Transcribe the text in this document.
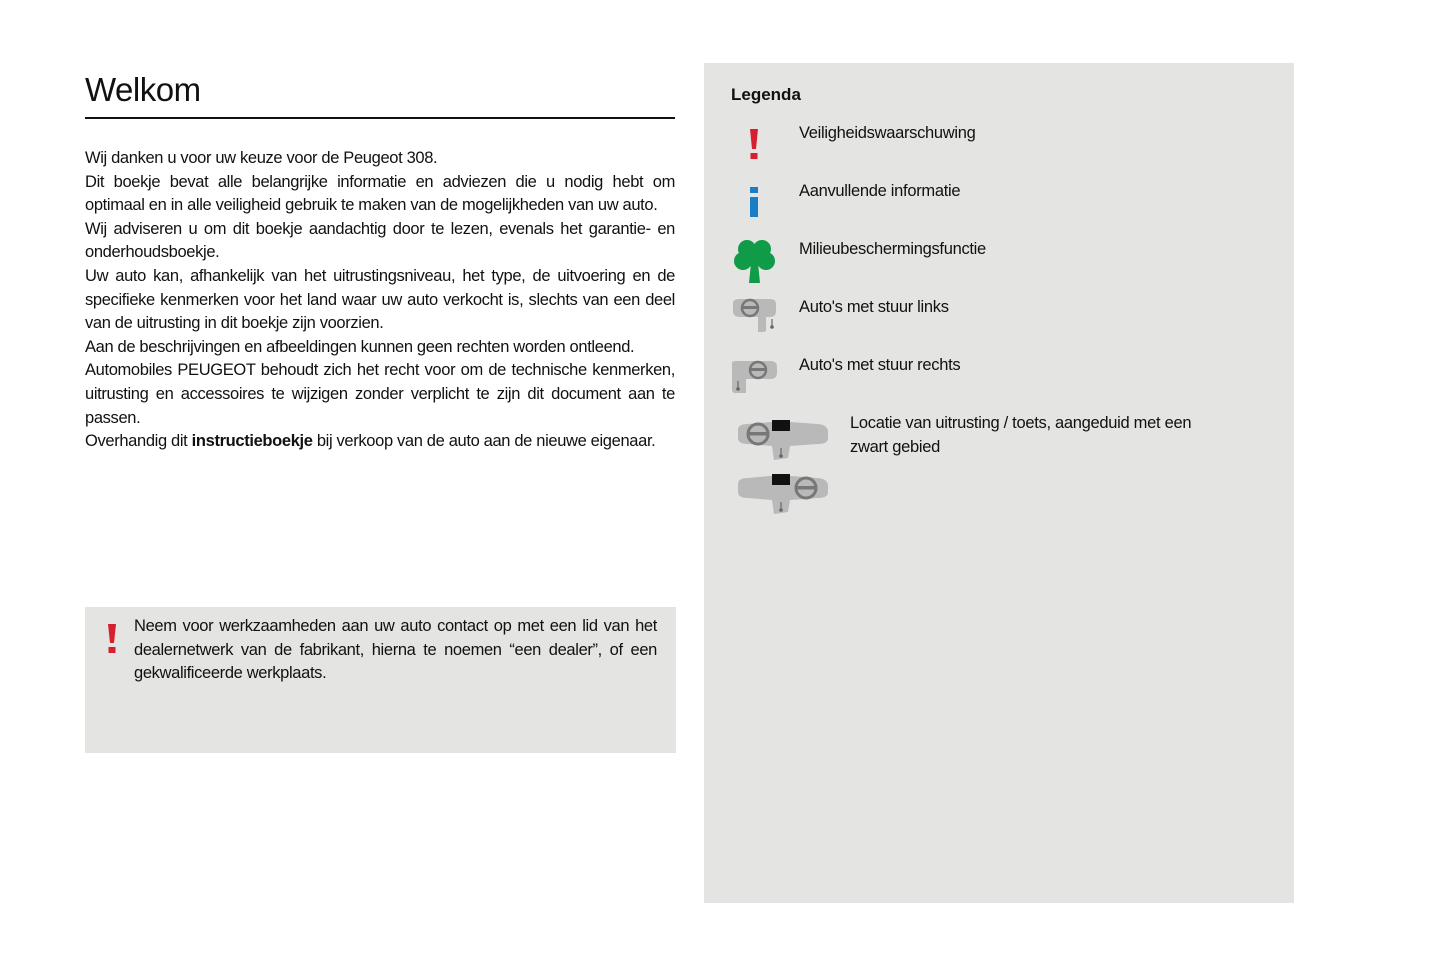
Welkom

Wij danken u voor uw keuze voor de Peugeot 308.

Dit boekje bevat alle belangrijke informatie en adviezen die u nodig hebt om optimaal en in alle veiligheid gebruik te maken van de mogelijkheden van uw auto.

Wij adviseren u om dit boekje aandachtig door te lezen, evenals het garantie- en onderhoudsboekje.

Uw auto kan, afhankelijk van het uitrustingsniveau, het type, de uitvoering en de specifieke kenmerken voor het land waar uw auto verkocht is, slechts van een deel van de uitrusting in dit boekje zijn voorzien.

Aan de beschrijvingen en afbeeldingen kunnen geen rechten worden ontleend.

Automobiles PEUGEOT behoudt zich het recht voor om de technische kenmerken, uitrusting en accessoires te wijzigen zonder verplicht te zijn dit document aan te passen.

Overhandig dit instructieboekje bij verkoop van de auto aan de nieuwe eigenaar.

Neem voor werkzaamheden aan uw auto contact op met een lid van het dealernetwerk van de fabrikant, hierna te noemen “een dealer”, of een gekwalificeerde werkplaats.

Legenda
Veiligheidswaarschuwing
Aanvullende informatie
Milieubeschermingsfunctie
Auto's met stuur links
Auto's met stuur rechts
Locatie van uitrusting / toets, aangeduid met een zwart gebied
